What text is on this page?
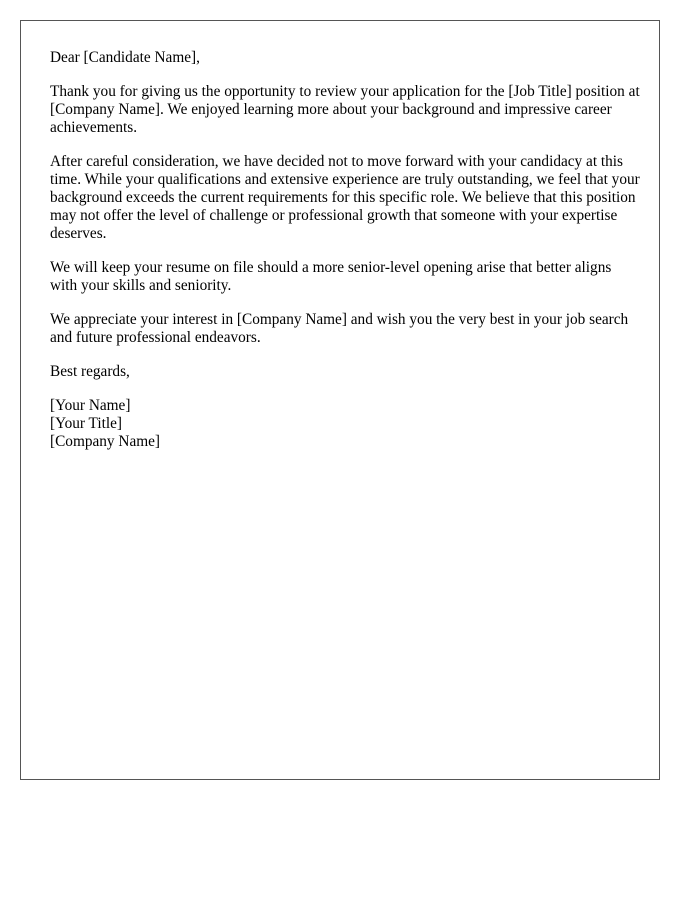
Dear [Candidate Name],

Thank you for giving us the opportunity to review your application for the [Job Title] position at [Company Name]. We enjoyed learning more about your background and impressive career achievements.

After careful consideration, we have decided not to move forward with your candidacy at this time. While your qualifications and extensive experience are truly outstanding, we feel that your background exceeds the current requirements for this specific role. We believe that this position may not offer the level of challenge or professional growth that someone with your expertise deserves.

We will keep your resume on file should a more senior-level opening arise that better aligns with your skills and seniority.

We appreciate your interest in [Company Name] and wish you the very best in your job search and future professional endeavors.

Best regards,

[Your Name]
[Your Title]
[Company Name]
